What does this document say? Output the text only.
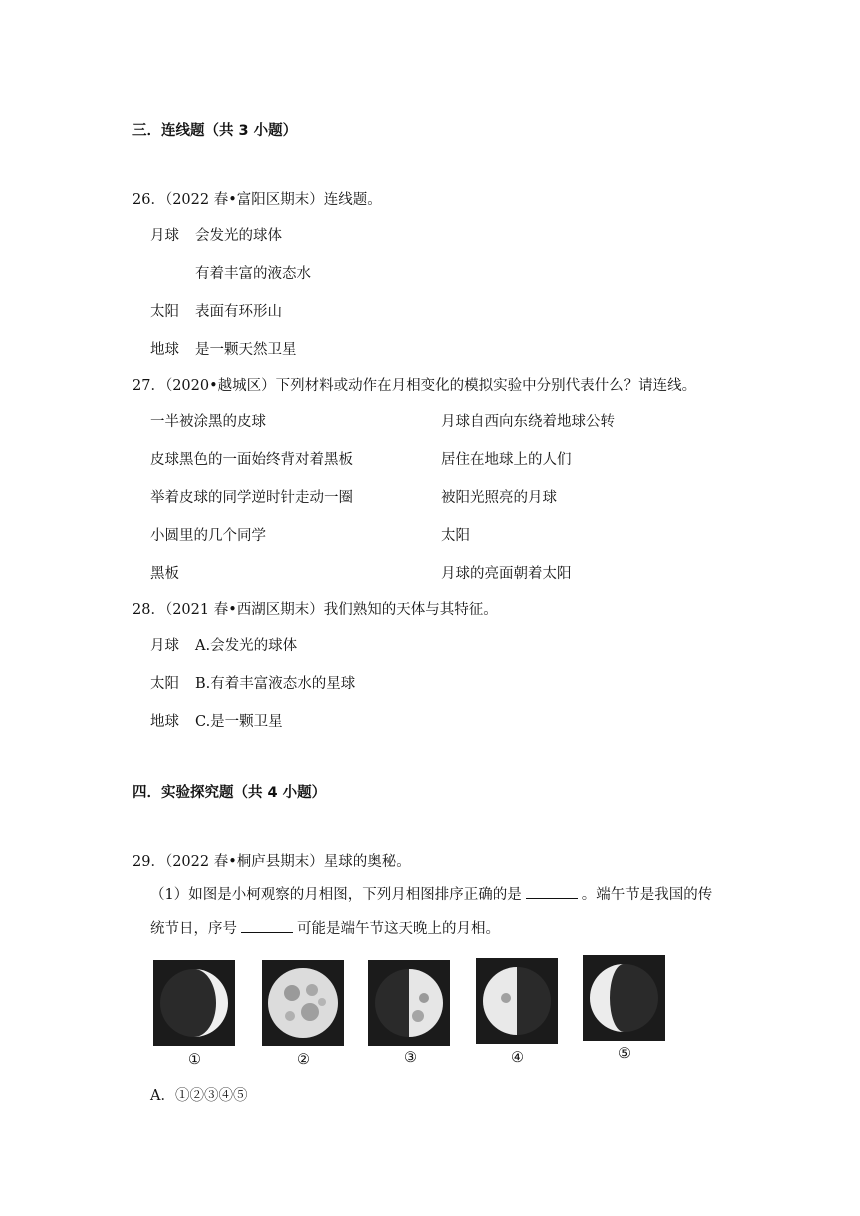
三．连线题（共 3 小题）
26．（2022 春•富阳区期末）连线题。
月球 会发光的球体
有着丰富的液态水
太阳 表面有环形山
地球 是一颗天然卫星
27．（2020•越城区）下列材料或动作在月相变化的模拟实验中分别代表什么？请连线。
一半被涂黑的皮球	月球自西向东绕着地球公转
皮球黑色的一面始终背对着黑板	居住在地球上的人们
举着皮球的同学逆时针走动一圈	被阳光照亮的月球
小圆里的几个同学	太阳
黑板	月球的亮面朝着太阳
28．（2021 春•西湖区期末）我们熟知的天体与其特征。
月球 A.会发光的球体
太阳 B.有着丰富液态水的星球
地球 C.是一颗卫星
四．实验探究题（共 4 小题）
29．（2022 春•桐庐县期末）星球的奥秘。
（1）如图是小柯观察的月相图，下列月相图排序正确的是	。端午节是我国的传
统节日，序号	可能是端午节这天晚上的月相。
①	②	③	④	⑤
A．①②③④⑤
